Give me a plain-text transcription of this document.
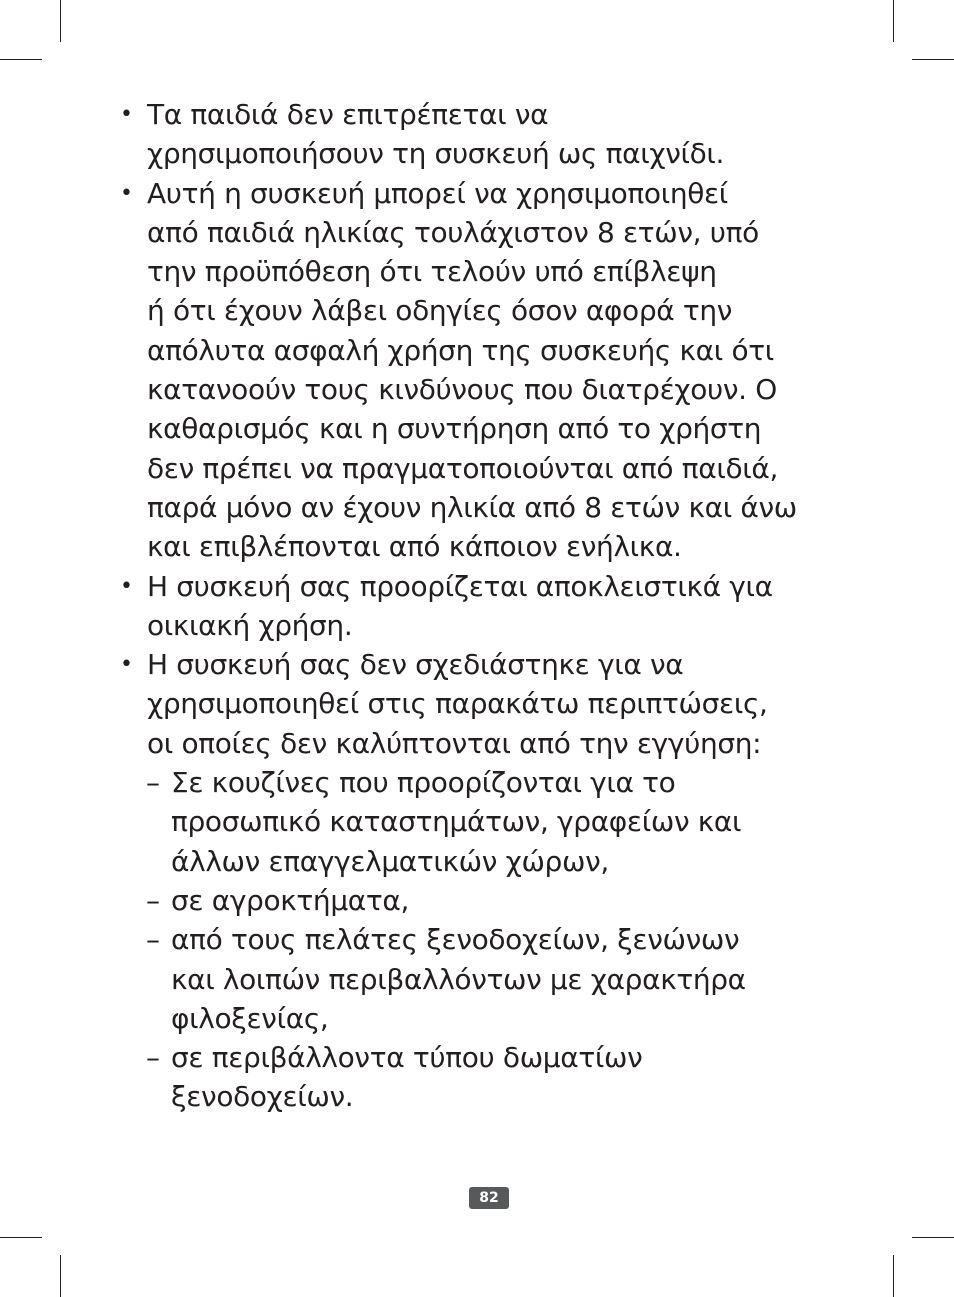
• Τα παιδιά δεν επιτρέπεται να
χρησιμοποιήσουν τη συσκευή ως παιχνίδι.
• Αυτή η συσκευή μπορεί να χρησιμοποιηθεί
από παιδιά ηλικίας τουλάχιστον 8 ετών, υπό
την προϋπόθεση ότι τελούν υπό επίβλεψη
ή ότι έχουν λάβει οδηγίες όσον αφορά την
απόλυτα ασφαλή χρήση της συσκευής και ότι
κατανοούν τους κινδύνους που διατρέχουν. Ο
καθαρισμός και η συντήρηση από το χρήστη
δεν πρέπει να πραγματοποιούνται από παιδιά,
παρά μόνο αν έχουν ηλικία από 8 ετών και άνω
και επιβλέπονται από κάποιον ενήλικα.
• Η συσκευή σας προορίζεται αποκλειστικά για
οικιακή χρήση.
• Η συσκευή σας δεν σχεδιάστηκε για να
χρησιμοποιηθεί στις παρακάτω περιπτώσεις,
οι οποίες δεν καλύπτονται από την εγγύηση:
– Σε κουζίνες που προορίζονται για το
προσωπικό καταστημάτων, γραφείων και
άλλων επαγγελματικών χώρων,
– σε αγροκτήματα,
– από τους πελάτες ξενοδοχείων, ξενώνων
και λοιπών περιβαλλόντων με χαρακτήρα
φιλοξενίας,
– σε περιβάλλοντα τύπου δωματίων
ξενοδοχείων.
82
